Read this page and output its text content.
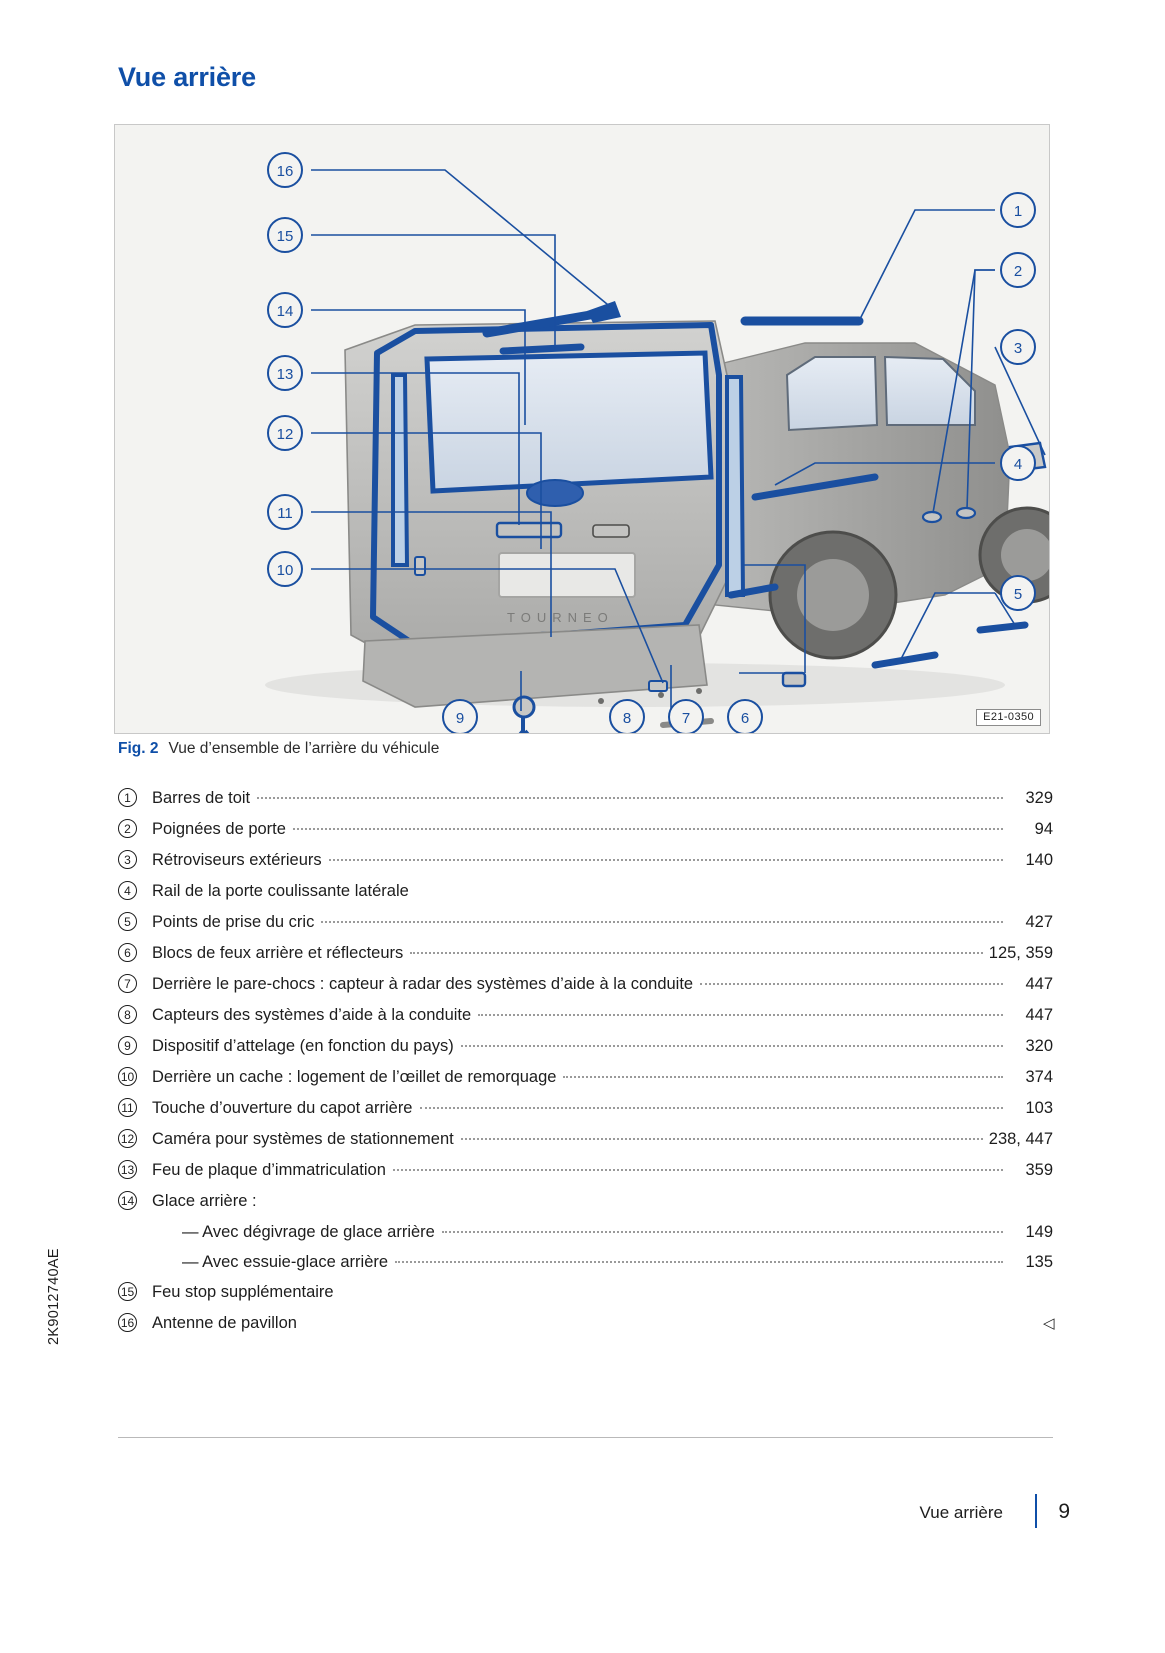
Vue arrière
TOURNEO
16
15
14
13
12
11
10
1
2
3
4
5
9	8	7	6	E21-0350
Fig. 2 Vue d’ensemble de l’arrière du véhicule
1	Barres de toit	329
2	Poignées de porte	94
3	Rétroviseurs extérieurs	140
4	Rail de la porte coulissante latérale
5	Points de prise du cric	427
6	Blocs de feux arrière et réflecteurs	125, 359
7	Derrière le pare-chocs : capteur à radar des systèmes d’aide à la conduite	447
8	Capteurs des systèmes d’aide à la conduite	447
9	Dispositif d’attelage (en fonction du pays)	320
10	Derrière un cache : logement de l’œillet de remorquage	374
11	Touche d’ouverture du capot arrière	103
12	Caméra pour systèmes de stationnement	238, 447
13	Feu de plaque d’immatriculation	359
14	Glace arrière :
— Avec dégivrage de glace arrière	149
— Avec essuie-glace arrière	135
15	Feu stop supplémentaire
16	Antenne de pavillon	◁
2K9012740AE
Vue arrière	9
